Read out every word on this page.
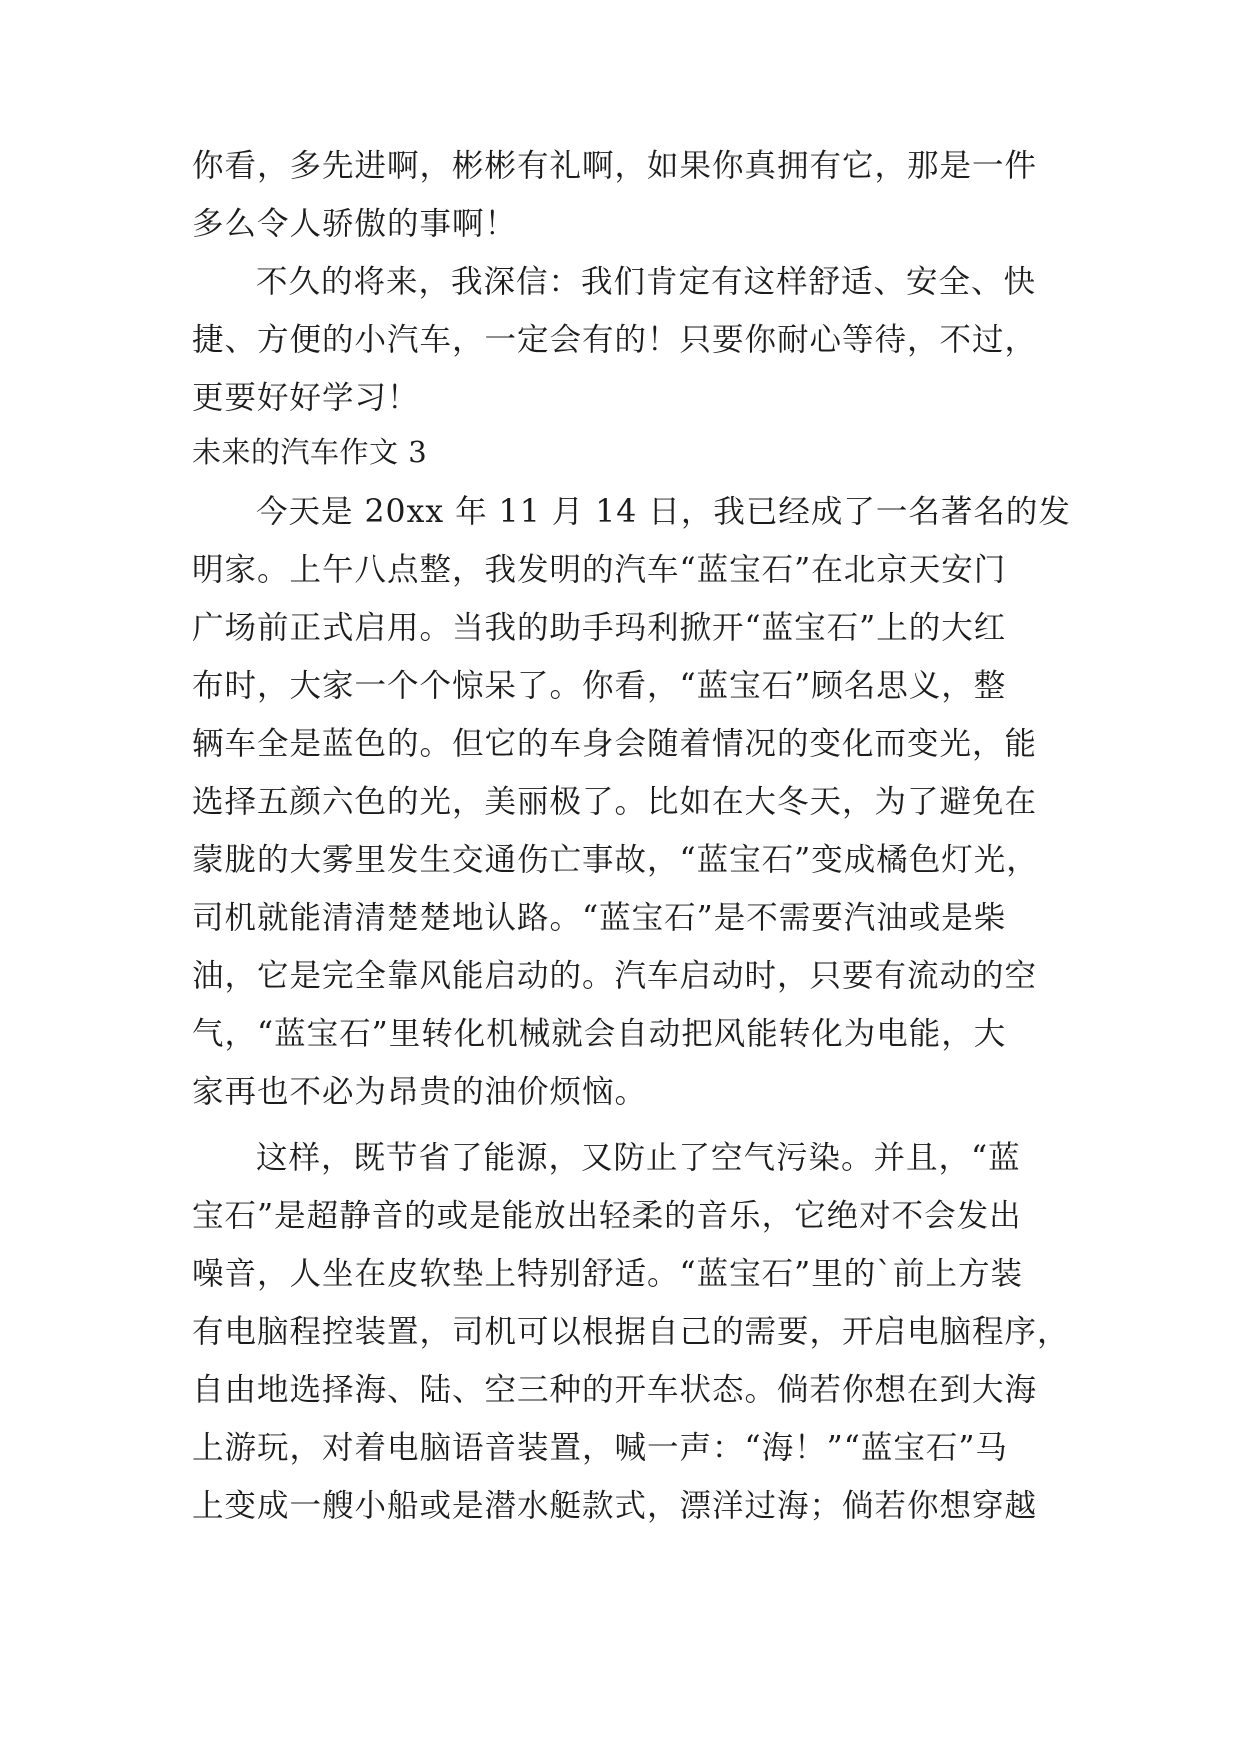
你看，多先进啊，彬彬有礼啊，如果你真拥有它，那是一件
多么令人骄傲的事啊！
不久的将来，我深信：我们肯定有这样舒适、安全、快
捷、方便的小汽车，一定会有的！只要你耐心等待，不过，
更要好好学习！
未来的汽车作文 3
今天是 20xx 年 11 月 14 日，我已经成了一名著名的发
明家。上午八点整，我发明的汽车“蓝宝石”在北京天安门
广场前正式启用。当我的助手玛利掀开“蓝宝石”上的大红
布时，大家一个个惊呆了。你看，“蓝宝石”顾名思义，整
辆车全是蓝色的。但它的车身会随着情况的变化而变光，能
选择五颜六色的光，美丽极了。比如在大冬天，为了避免在
蒙胧的大雾里发生交通伤亡事故，“蓝宝石”变成橘色灯光，
司机就能清清楚楚地认路。“蓝宝石”是不需要汽油或是柴
油，它是完全靠风能启动的。汽车启动时，只要有流动的空
气，“蓝宝石”里转化机械就会自动把风能转化为电能，大
家再也不必为昂贵的油价烦恼。
这样，既节省了能源，又防止了空气污染。并且，“蓝
宝石”是超静音的或是能放出轻柔的音乐，它绝对不会发出
噪音，人坐在皮软垫上特别舒适。“蓝宝石”里的`前上方装
有电脑程控装置，司机可以根据自己的需要，开启电脑程序，
自由地选择海、陆、空三种的开车状态。倘若你想在到大海
上游玩，对着电脑语音装置，喊一声：“海！”“蓝宝石”马
上变成一艘小船或是潜水艇款式，漂洋过海；倘若你想穿越
